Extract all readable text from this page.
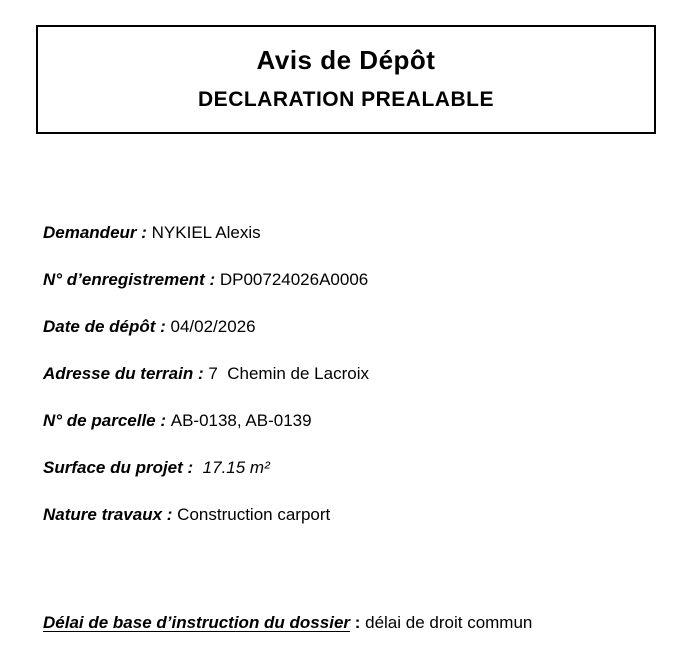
Avis de Dépôt
DECLARATION PREALABLE
Demandeur : NYKIEL Alexis
N° d’enregistrement : DP00724026A0006
Date de dépôt : 04/02/2026
Adresse du terrain : 7  Chemin de Lacroix
N° de parcelle : AB-0138, AB-0139
Surface du projet :  17.15 m²
Nature travaux : Construction carport
Délai de base d’instruction du dossier : délai de droit commun
